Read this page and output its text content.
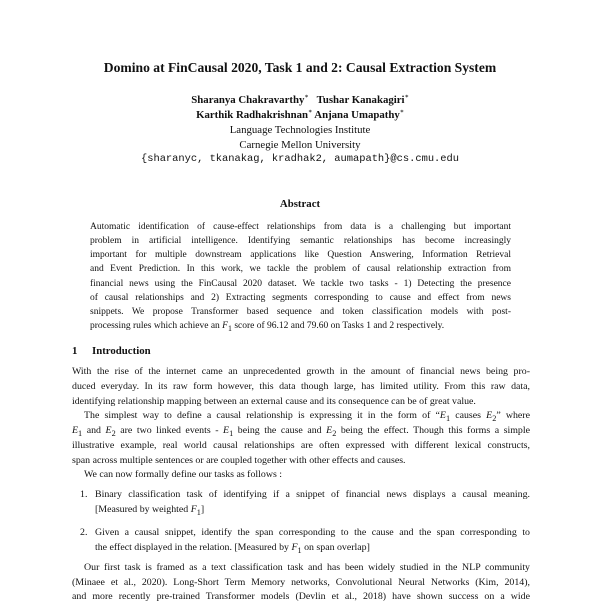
Domino at FinCausal 2020, Task 1 and 2: Causal Extraction System
Sharanya Chakravarthy∗ Tushar Kanakagiri∗
Karthik Radhakrishnan∗ Anjana Umapathy∗
Language Technologies Institute
Carnegie Mellon University
{sharanyc, tkanakag, kradhak2, aumapath}@cs.cmu.edu
Abstract
Automatic identification of cause-effect relationships from data is a challenging but important
problem in artificial intelligence. Identifying semantic relationships has become increasingly
important for multiple downstream applications like Question Answering, Information Retrieval
and Event Prediction. In this work, we tackle the problem of causal relationship extraction from
financial news using the FinCausal 2020 dataset. We tackle two tasks - 1) Detecting the presence
of causal relationships and 2) Extracting segments corresponding to cause and effect from news
snippets. We propose Transformer based sequence and token classification models with post-
processing rules which achieve an $F_1$ score of 96.12 and 79.60 on Tasks 1 and 2 respectively.
1 Introduction
With the rise of the internet came an unprecedented growth in the amount of financial news being pro-
duced everyday. In its raw form however, this data though large, has limited utility. From this raw data,
identifying relationship mapping between an external cause and its consequence can be of great value.
The simplest way to define a causal relationship is expressing it in the form of “$E_1$ causes $E_2$” where
$E_1$ and $E_2$ are two linked events - $E_1$ being the cause and $E_2$ being the effect. Though this forms a simple
illustrative example, real world causal relationships are often expressed with different lexical constructs,
span across multiple sentences or are coupled together with other effects and causes.
We can now formally define our tasks as follows :
1. Binary classification task of identifying if a snippet of financial news displays a causal meaning.
[Measured by weighted $F_1$]
2. Given a causal snippet, identify the span corresponding to the cause and the span corresponding to
the effect displayed in the relation. [Measured by $F_1$ on span overlap]
Our first task is framed as a text classification task and has been widely studied in the NLP community
(Minaee et al., 2020). Long-Short Term Memory networks, Convolutional Neural Networks (Kim, 2014),
and more recently pre-trained Transformer models (Devlin et al., 2018) have shown success on a wide
